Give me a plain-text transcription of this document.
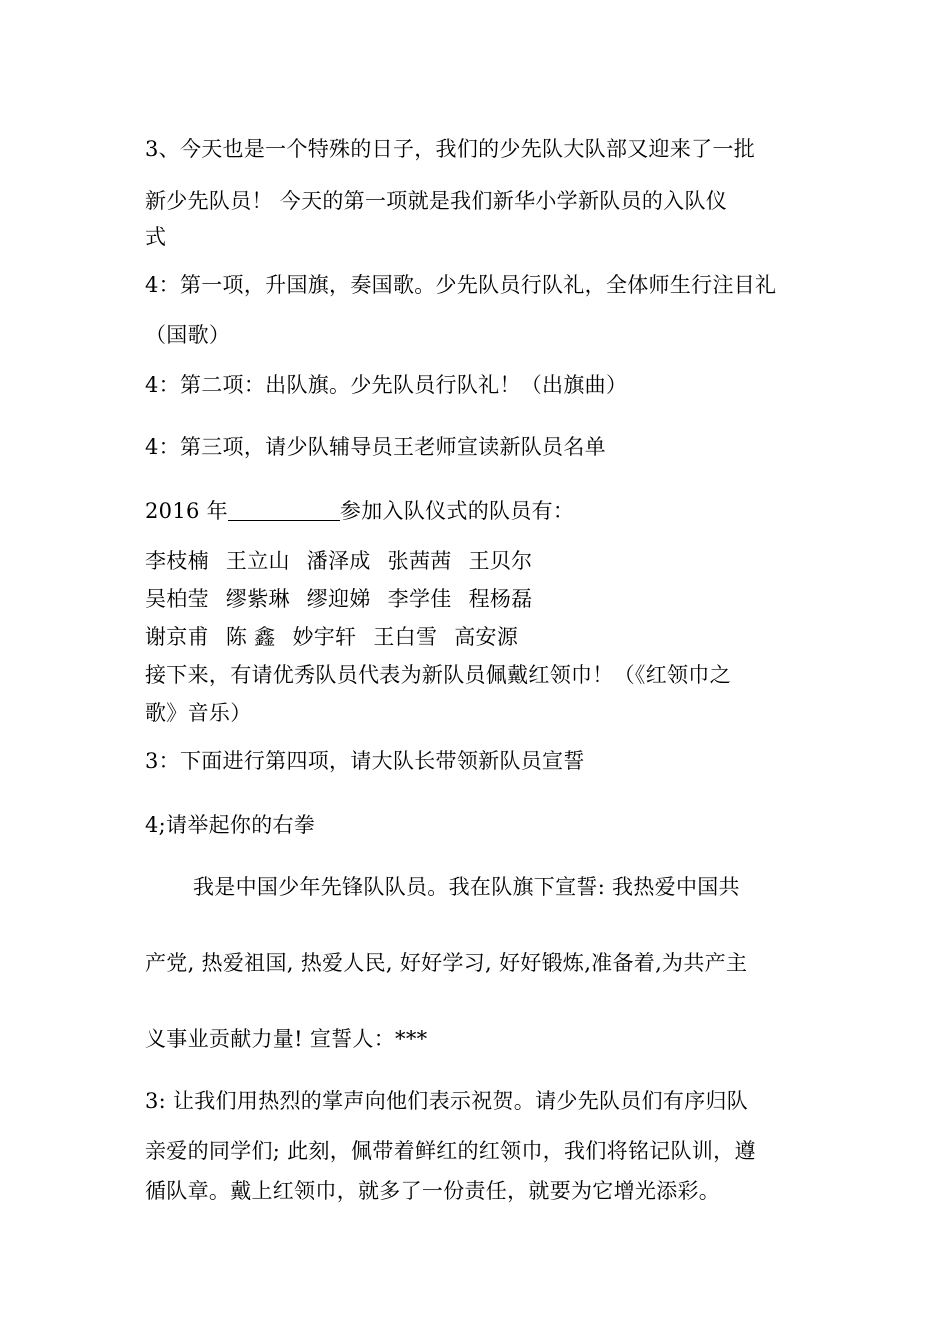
3、今天也是一个特殊的日子，我们的少先队大队部又迎来了一批
新少先队员！ 今天的第一项就是我们新华小学新队员的入队仪
式
4：第一项，升国旗，奏国歌。少先队员行队礼，全体师生行注目礼
（国歌）
4：第二项：出队旗。少先队员行队礼！（出旗曲）
4：第三项，请少队辅导员王老师宣读新队员名单
2016 年	参加入队仪式的队员有：
李枝楠 王立山 潘泽成 张茜茜 王贝尔
吴柏莹 缪紫琳 缪迎娣 李学佳 程杨磊
谢京甫 陈 鑫 妙宇轩 王白雪 高安源
接下来，有请优秀队员代表为新队员佩戴红领巾！（《红领巾之
歌》音乐）
3：下面进行第四项，请大队长带领新队员宣誓
4;请举起你的右拳
我是中国少年先锋队队员。我在队旗下宣誓: 我热爱中国共
产党, 热爱祖国, 热爱人民, 好好学习, 好好锻炼,准备着,为共产主
义事业贡献力量! 宣誓人：***
3: 让我们用热烈的掌声向他们表示祝贺。请少先队员们有序归队
亲爱的同学们; 此刻，佩带着鲜红的红领巾，我们将铭记队训，遵
循队章。戴上红领巾，就多了一份责任，就要为它增光添彩。
